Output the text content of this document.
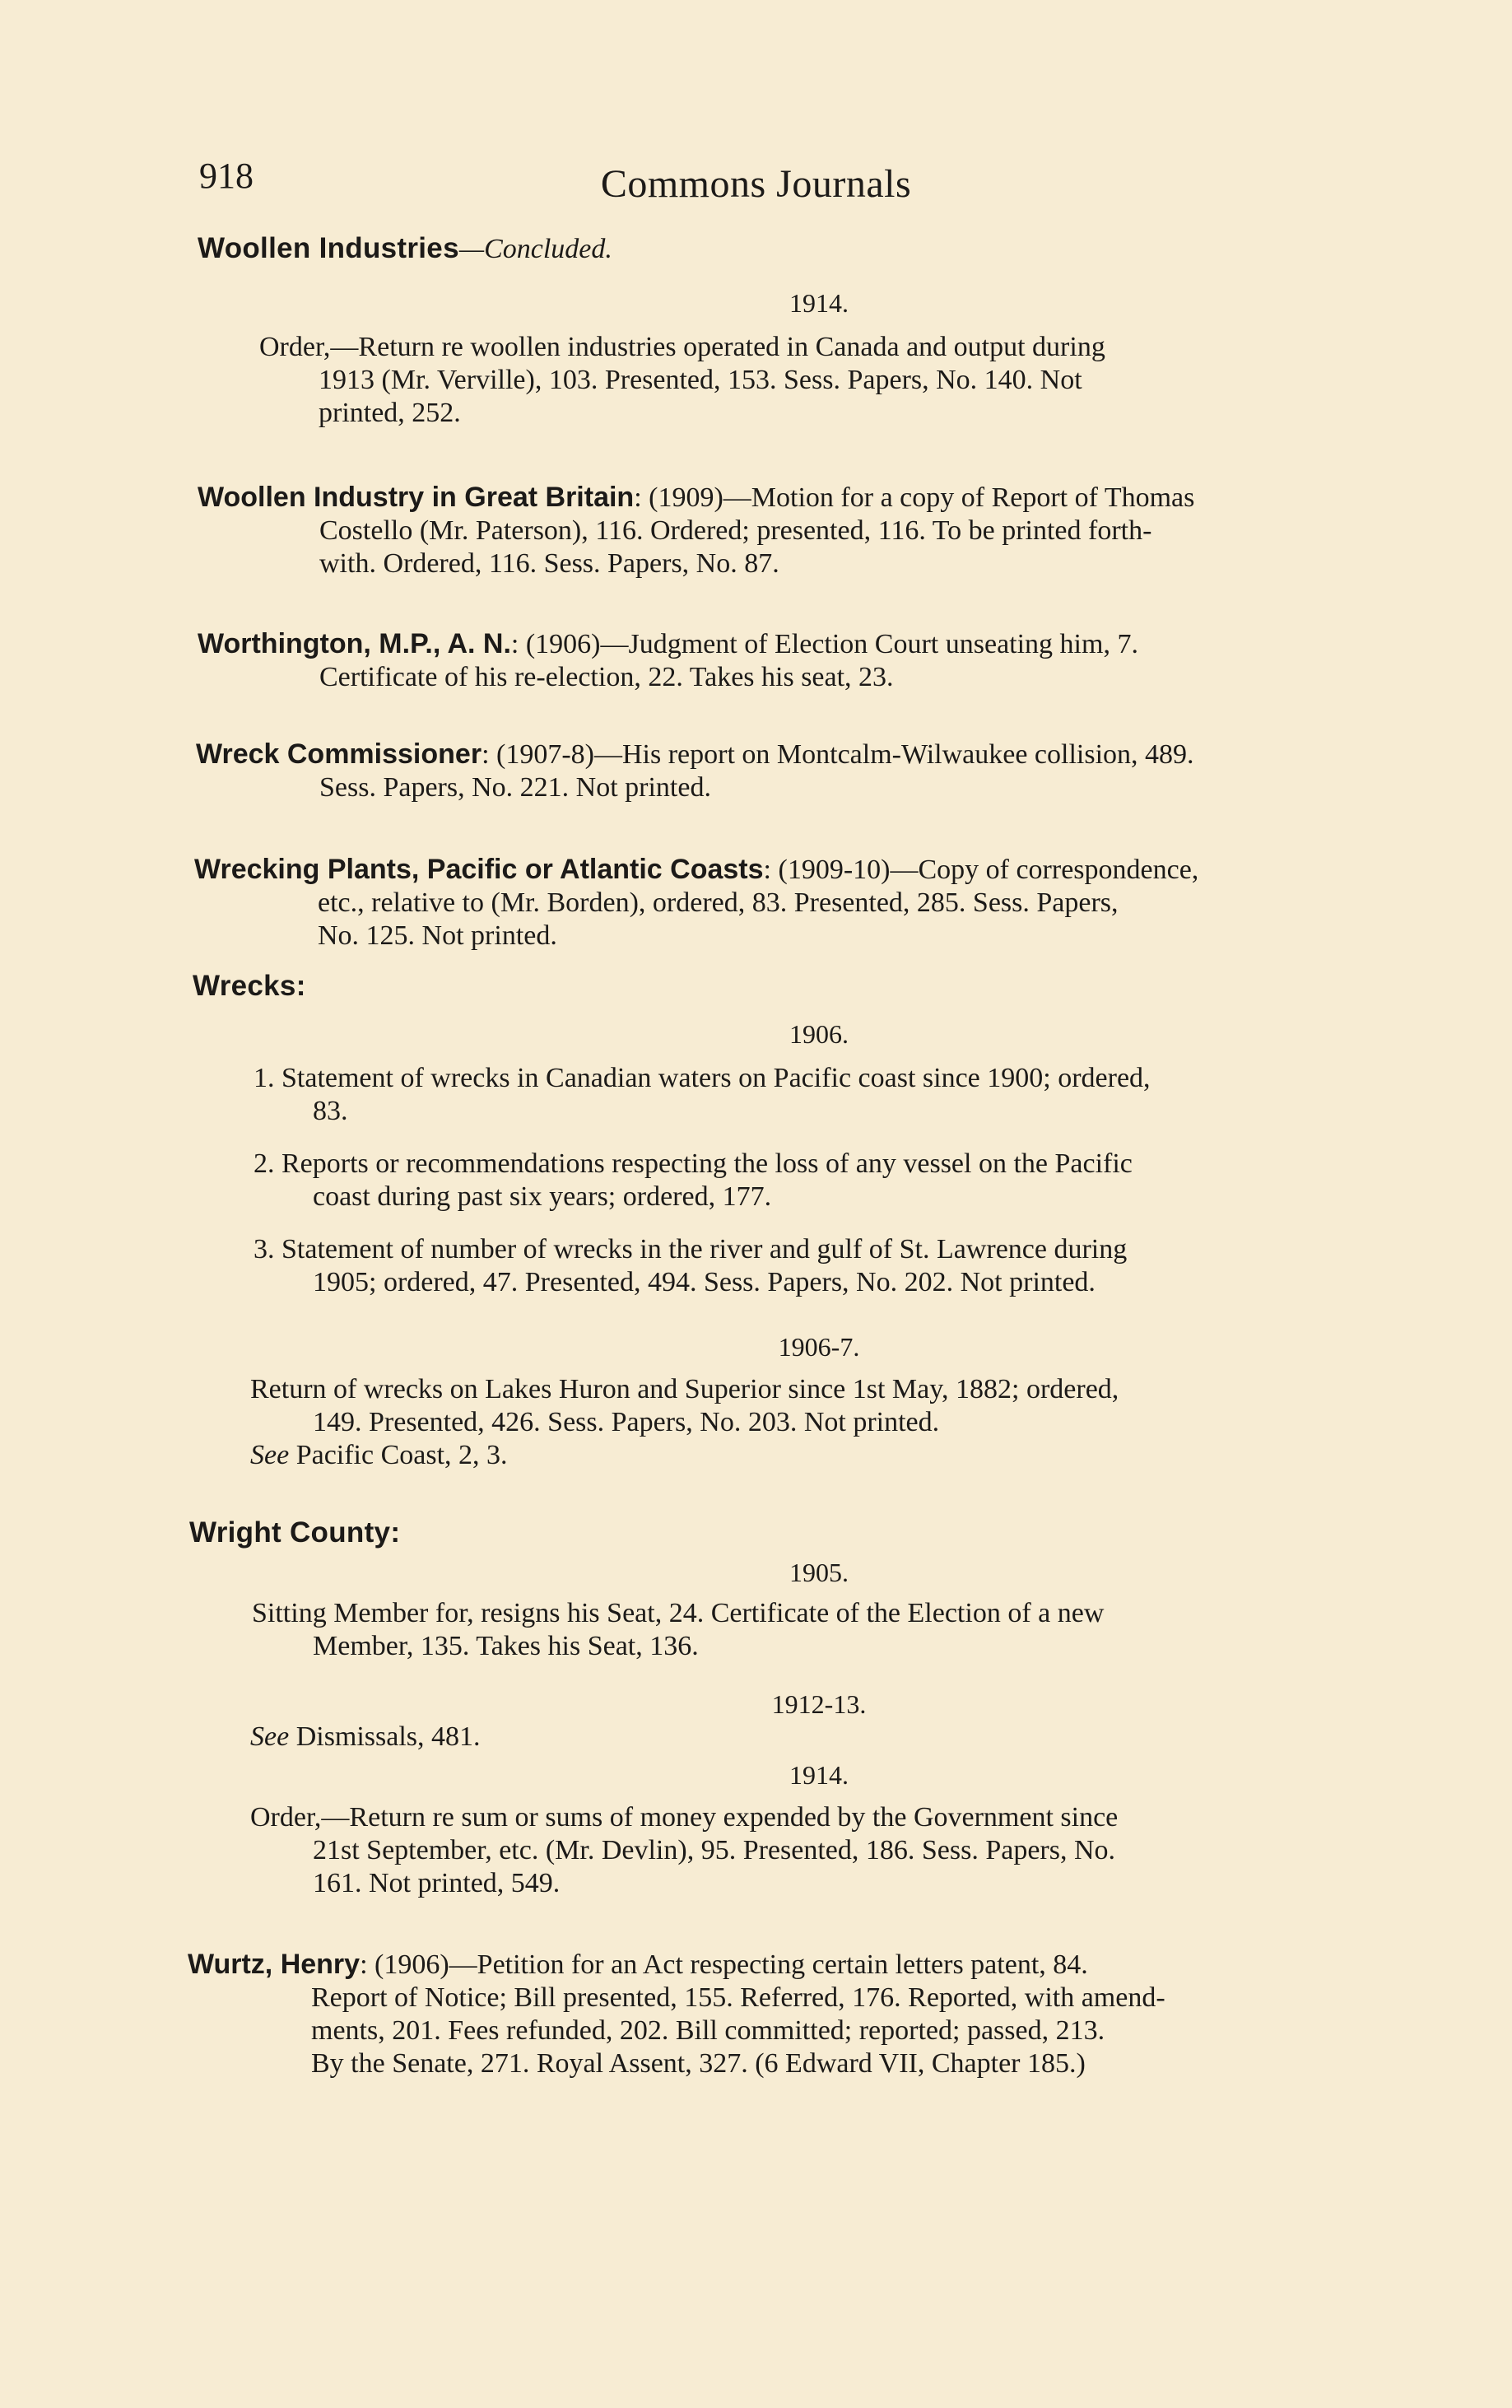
918	Commons Journals
Woollen Industries—Concluded.
1914.
Order,—Return re woollen industries operated in Canada and output during
1913 (Mr. Verville), 103. Presented, 153. Sess. Papers, No. 140. Not
printed, 252.
Woollen Industry in Great Britain: (1909)—Motion for a copy of Report of Thomas
Costello (Mr. Paterson), 116. Ordered; presented, 116. To be printed forth-
with. Ordered, 116. Sess. Papers, No. 87.
Worthington, M.P., A. N.: (1906)—Judgment of Election Court unseating him, 7.
Certificate of his re-election, 22. Takes his seat, 23.
Wreck Commissioner: (1907-8)—His report on Montcalm-Wilwaukee collision, 489.
Sess. Papers, No. 221. Not printed.
Wrecking Plants, Pacific or Atlantic Coasts: (1909-10)—Copy of correspondence,
etc., relative to (Mr. Borden), ordered, 83. Presented, 285. Sess. Papers,
No. 125. Not printed.
Wrecks:
1906.
1. Statement of wrecks in Canadian waters on Pacific coast since 1900; ordered,
83.
2. Reports or recommendations respecting the loss of any vessel on the Pacific
coast during past six years; ordered, 177.
3. Statement of number of wrecks in the river and gulf of St. Lawrence during
1905; ordered, 47. Presented, 494. Sess. Papers, No. 202. Not printed.
1906-7.
Return of wrecks on Lakes Huron and Superior since 1st May, 1882; ordered,
149. Presented, 426. Sess. Papers, No. 203. Not printed.
See Pacific Coast, 2, 3.
Wright County:
1905.
Sitting Member for, resigns his Seat, 24. Certificate of the Election of a new
Member, 135. Takes his Seat, 136.
1912-13.
See Dismissals, 481.
1914.
Order,—Return re sum or sums of money expended by the Government since
21st September, etc. (Mr. Devlin), 95. Presented, 186. Sess. Papers, No.
161. Not printed, 549.
Wurtz, Henry: (1906)—Petition for an Act respecting certain letters patent, 84.
Report of Notice; Bill presented, 155. Referred, 176. Reported, with amend-
ments, 201. Fees refunded, 202. Bill committed; reported; passed, 213.
By the Senate, 271. Royal Assent, 327. (6 Edward VII, Chapter 185.)
